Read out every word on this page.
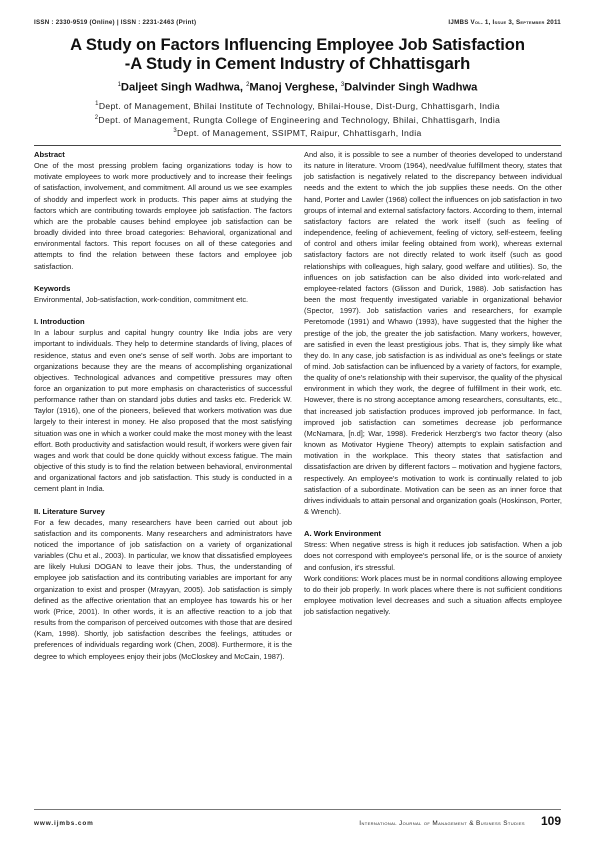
ISSN : 2330-9519 (Online) | ISSN : 2231-2463 (Print)	IJMBS Vol. 1, Issue 3, September 2011
A Study on Factors Influencing Employee Job Satisfaction
-A Study in Cement Industry of Chhattisgarh
$^1$Daljeet Singh Wadhwa, $^2$Manoj Verghese, $^3$Dalvinder Singh Wadhwa
$^1$Dept. of Management, Bhilai Institute of Technology, Bhilai-House, Dist-Durg, Chhattisgarh, India
$^2$Dept. of Management, Rungta College of Engineering and Technology, Bhilai, Chhattisgarh, India
$^3$Dept. of Management, SSIPMT, Raipur, Chhattisgarh, India
Abstract

One of the most pressing problem facing organizations today is how to motivate employees to work more productively and to increase their feelings of satisfaction, involvement, and commitment. All around us we see examples of shoddy and imperfect work in products. This paper aims at studying the factors which are contributing towards employee job satisfaction. The factors which are the probable causes behind employee job satisfaction can be broadly divided into three broad categories: Behavioral, organizational and environmental factors. This report focuses on all of these categories and attempts to find the relation between these factors and employee job satisfaction.

Keywords

Environmental, Job-satisfaction, work-condition, commitment etc.

I. Introduction

In a labour surplus and capital hungry country like India jobs are very important to individuals. They help to determine standards of living, places of residence, status and even one's sense of self worth. Jobs are important to organizations because they are the means of accomplishing organizational objectives. Technological advances and competitive pressures may often force an organization to put more emphasis on characteristics of successful performance rather than on standard jobs duties and tasks etc. Frederick W. Taylor (1916), one of the pioneers, believed that workers motivation was due largely to their interest in money. He also proposed that the most satisfying situation was one in which a worker could make the most money with the least effort. Both productivity and satisfaction would result, if workers were given fair wages and work that could be done quickly without excess fatigue. The main objective of this study is to find the relation between behavioral, environmental and organizational factors and job satisfaction. This study is conducted in a cement plant in India.

II. Literature Survey

For a few decades, many researchers have been carried out about job satisfaction and its components. Many researchers and administrators have noticed the importance of job satisfaction on a variety of organizational variables (Chu et al., 2003). In particular, we know that dissatisfied employees are likely Hulusi DOGAN to leave their jobs. Thus, the understanding of employee job satisfaction and its contributing variables are important for any organization to exist and prosper (Mrayyan, 2005). Job satisfaction is simply defined as the affective orientation that an employee has towards his or her work (Price, 2001). In other words, it is an affective reaction to a job that results from the comparison of perceived outcomes with those that are desired (Kam, 1998). Shortly, job satisfaction describes the feelings, attitudes or preferences of individuals regarding work (Chen, 2008). Furthermore, it is the degree to which employees enjoy their jobs (McCloskey and McCain, 1987).

And also, it is possible to see a number of theories developed to understand its nature in literature. Vroom (1964), need/value fulfillment theory, states that job satisfaction is negatively related to the discrepancy between individual needs and the extent to which the job supplies these needs. On the other hand, Porter and Lawler (1968) collect the influences on job satisfaction in two groups of internal and external satisfactory factors. According to them, internal satisfactory factors are related the work itself (such as feeling of independence, feeling of achievement, feeling of victory, self-esteem, feeling of control and others imilar feeling obtained from work), whereas external satisfactory factors are not directly related to work itself (such as good relationships with colleagues, high salary, good welfare and utilities). So, the influences on job satisfaction can be also divided into work-related and employee-related factors (Glisson and Durick, 1988). Job satisfaction has been the most frequently investigated variable in organizational behavior (Spector, 1997). Job satisfaction varies and researchers, for example Peretomode (1991) and Whawo (1993), have suggested that the higher the prestige of the job, the greater the job satisfaction. Many workers, however, are satisfied in even the least prestigious jobs. That is, they simply like what they do. In any case, job satisfaction is as individual as one's feelings or state of mind. Job satisfaction can be influenced by a variety of factors, for example, the quality of one's relationship with their supervisor, the quality of the physical environment in which they work, the degree of fulfillment in their work, etc. However, there is no strong acceptance among researchers, consultants, etc., that increased job satisfaction produces improved job performance. In fact, improved job satisfaction can sometimes decrease job performance (McNamara, [n.d]; War, 1998). Frederick Herzberg's two factor theory (also known as Motivator Hygiene Theory) attempts to explain satisfaction and motivation in the workplace. This theory states that satisfaction and dissatisfaction are driven by different factors – motivation and hygiene factors, respectively. An employee's motivation to work is continually related to job satisfaction of a subordinate. Motivation can be seen as an inner force that drives individuals to attain personal and organization goals (Hoskinson, Porter, & Wrench).

A. Work Environment

Stress: When negative stress is high it reduces job satisfaction. When a job does not correspond with employee's personal life, or is the source of anxiety and confusion, it's stressful.

Work conditions: Work places must be in normal conditions allowing employee to do their job properly. In work places where there is not sufficient conditions employee motivation level decreases and such a situation affects employee job satisfaction negatively.

www.ijmbs.com	International Journal of Management & Business Studies 109
